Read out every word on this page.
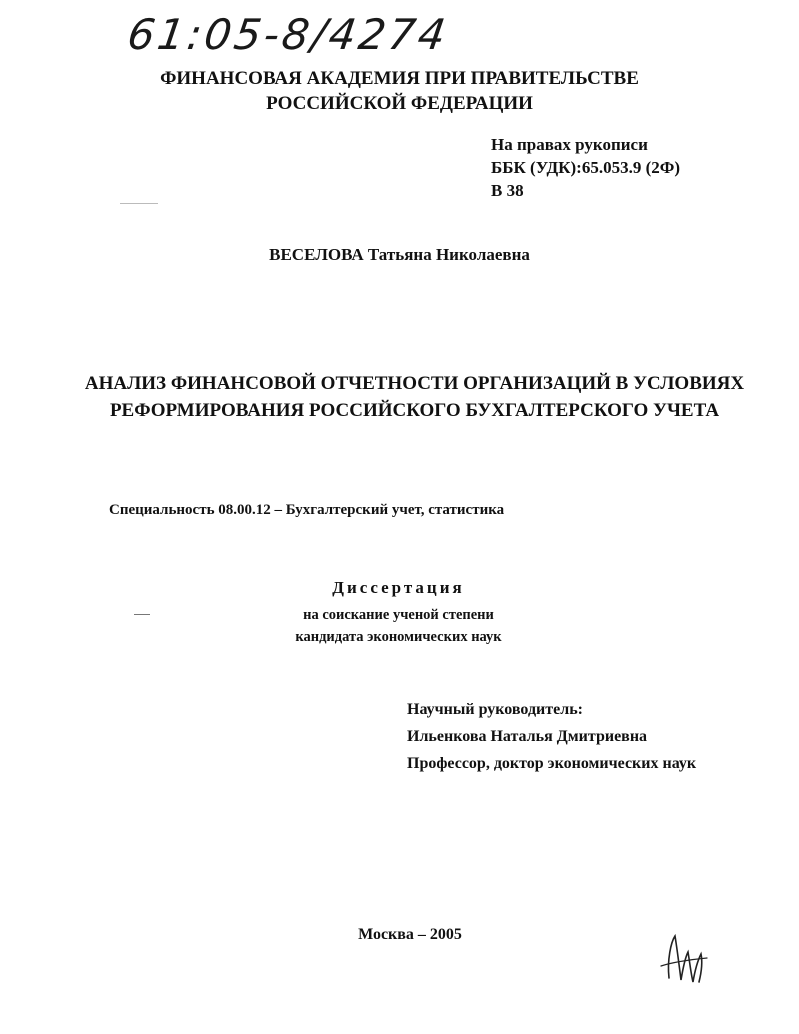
61:05-8/4274
ФИНАНСОВАЯ АКАДЕМИЯ ПРИ ПРАВИТЕЛЬСТВЕ
РОССИЙСКОЙ ФЕДЕРАЦИИ
На правах рукописи
ББК (УДК):65.053.9 (2Ф)
В 38
ВЕСЕЛОВА Татьяна Николаевна
АНАЛИЗ ФИНАНСОВОЙ ОТЧЕТНОСТИ ОРГАНИЗАЦИЙ В УСЛОВИЯХ
РЕФОРМИРОВАНИЯ РОССИЙСКОГО БУХГАЛТЕРСКОГО УЧЕТА
Специальность 08.00.12 – Бухгалтерский учет, статистика
Диссертация
на соискание ученой степени
кандидата экономических наук
Научный руководитель:
Ильенкова Наталья Дмитриевна
Профессор, доктор экономических наук
Москва – 2005
